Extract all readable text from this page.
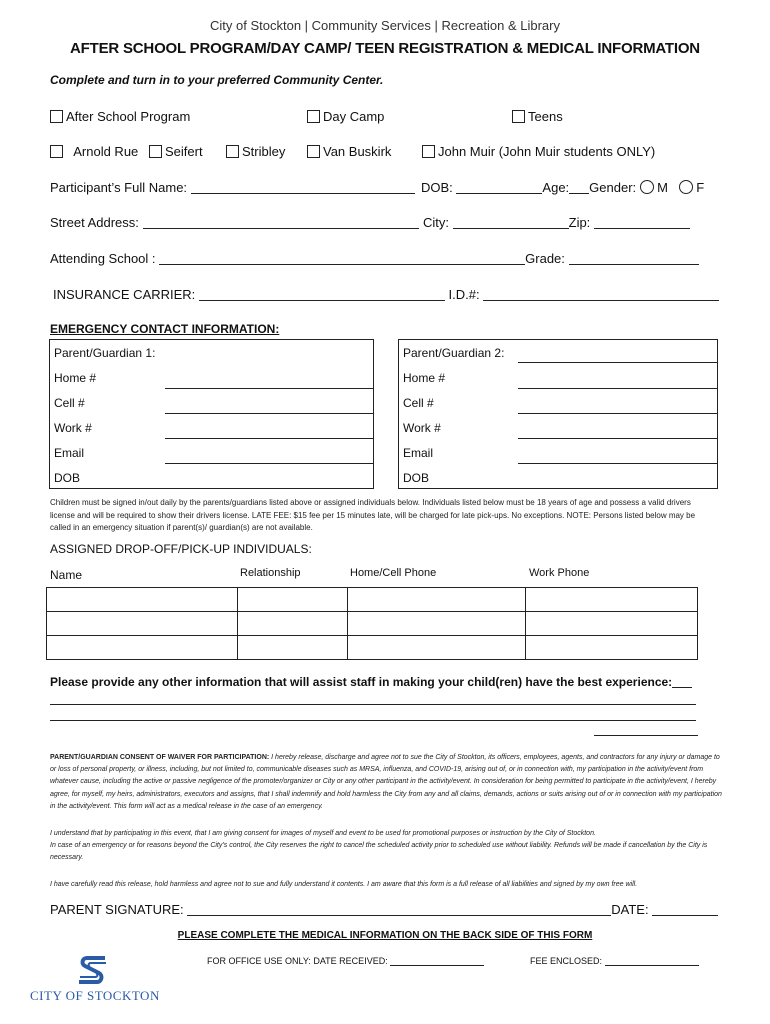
City of Stockton | Community Services | Recreation & Library
AFTER SCHOOL PROGRAM/DAY CAMP/ TEEN REGISTRATION & MEDICAL INFORMATION
Complete and turn in to your preferred Community Center.
After School Program	Day Camp	Teens
Arnold Rue	Seifert	Stribley	Van Buskirk	John Muir (John Muir students ONLY)
Participant’s Full Name:	DOB:	Age: Gender: M F
Street Address:	City:	Zip:
Attending School :	Grade:
INSURANCE CARRIER:	I.D.#:
EMERGENCY CONTACT INFORMATION:
Parent/Guardian 1:
Home #
Cell #
Work #
Email
DOB
Parent/Guardian 2:
Home #
Cell #
Work #
Email
DOB
Children must be signed in/out daily by the parents/guardians listed above or assigned individuals below. Individuals listed below must be 18 years of age and possess a valid drivers license and will be required to show their drivers license. LATE FEE: $15 fee per 15 minutes late, will be charged for late pick-ups. No exceptions. NOTE: Persons listed below may be called in an emergency situation if parent(s)/ guardian(s) are not available.
ASSIGNED DROP-OFF/PICK-UP INDIVIDUALS:
Name	Relationship	Home/Cell Phone	Work Phone

Please provide any other information that will assist staff in making your child(ren) have the best experience:
PARENT/GUARDIAN CONSENT OF WAIVER FOR PARTICIPATION: I hereby release, discharge and agree not to sue the City of Stockton, its officers, employees, agents, and contractors for any injury or damage to or loss of personal property, or illness, including, but not limited to, communicable diseases such as MRSA, influenza, and COVID-19, arising out of, or in connection with, my participation in the activity/event from whatever cause, including the active or passive negligence of the promoter/organizer or City or any other participant in the activity/event. In consideration for being permitted to participate in the activity/event, I hereby agree, for myself, my heirs, administrators, executors and assigns, that I shall indemnify and hold harmless the City from any and all claims, demands, actions or suits arising out of or in connection with my participation in the activity/event. This form will act as a medical release in the case of an emergency.
I understand that by participating in this event, that I am giving consent for images of myself and event to be used for promotional purposes or instruction by the City of Stockton.
In case of an emergency or for reasons beyond the City’s control, the City reserves the right to cancel the scheduled activity prior to scheduled use without liability. Refunds will be made if cancellation by the City is necessary.
I have carefully read this release, hold harmless and agree not to sue and fully understand it contents. I am aware that this form is a full release of all liabilities and signed by my own free will.
PARENT SIGNATURE:	DATE:
PLEASE COMPLETE THE MEDICAL INFORMATION ON THE BACK SIDE OF THIS FORM
FOR OFFICE USE ONLY: DATE RECEIVED:	FEE ENCLOSED:
CITY OF STOCKTON
